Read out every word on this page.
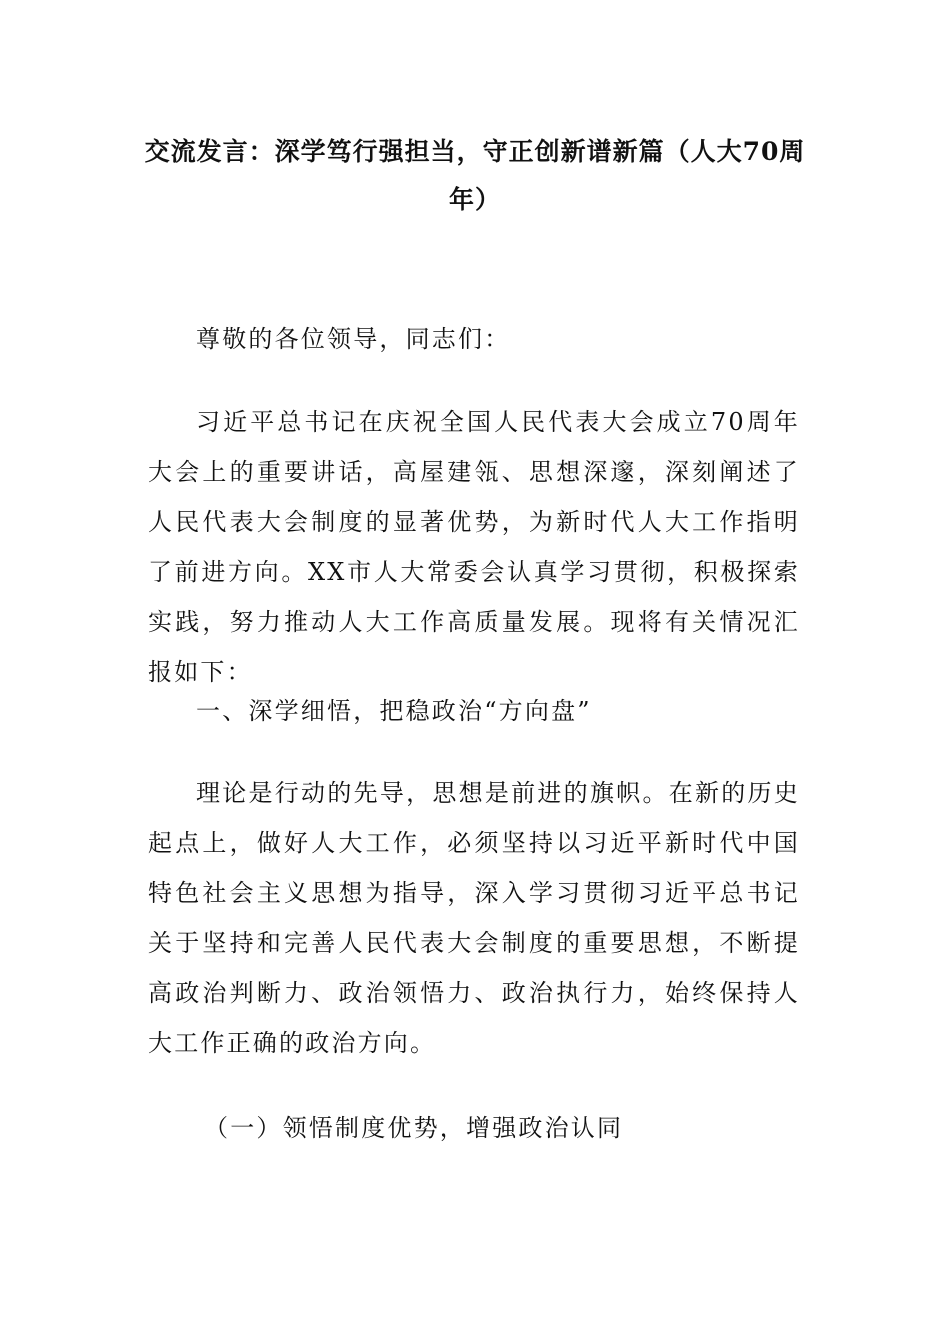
交流发言：深学笃行强担当，守正创新谱新篇（人大70周年）

尊敬的各位领导，同志们：

习近平总书记在庆祝全国人民代表大会成立70周年大会上的重要讲话，高屋建瓴、思想深邃，深刻阐述了人民代表大会制度的显著优势，为新时代人大工作指明了前进方向。XX市人大常委会认真学习贯彻，积极探索实践，努力推动人大工作高质量发展。现将有关情况汇报如下：

一、深学细悟，把稳政治“方向盘”

理论是行动的先导，思想是前进的旗帜。在新的历史起点上，做好人大工作，必须坚持以习近平新时代中国特色社会主义思想为指导，深入学习贯彻习近平总书记关于坚持和完善人民代表大会制度的重要思想，不断提高政治判断力、政治领悟力、政治执行力，始终保持人大工作正确的政治方向。

（一）领悟制度优势，增强政治认同
